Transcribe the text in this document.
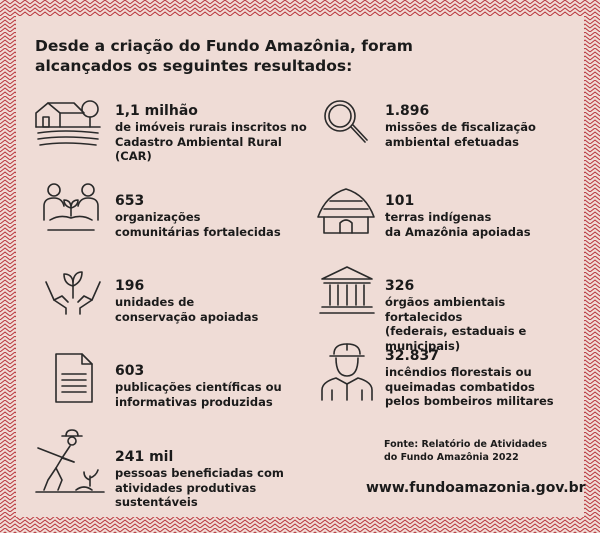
Desde a criação do Fundo Amazônia, foram alcançados os seguintes resultados:
1,1 milhão
de imóveis rurais inscritos no
Cadastro Ambiental Rural (CAR)
1.896
missões de fiscalização
ambiental efetuadas
653
organizações
comunitárias fortalecidas
101
terras indígenas
da Amazônia apoiadas
196
unidades de
conservação apoiadas
326
órgãos ambientais fortalecidos
(federais, estaduais e municipais)
603
publicações científicas ou
informativas produzidas
32.837
incêndios florestais ou
queimadas combatidos
pelos bombeiros militares
241 mil
pessoas beneficiadas com
atividades produtivas sustentáveis
Fonte: Relatório de Atividades
do Fundo Amazônia 2022
www.fundoamazonia.gov.br
